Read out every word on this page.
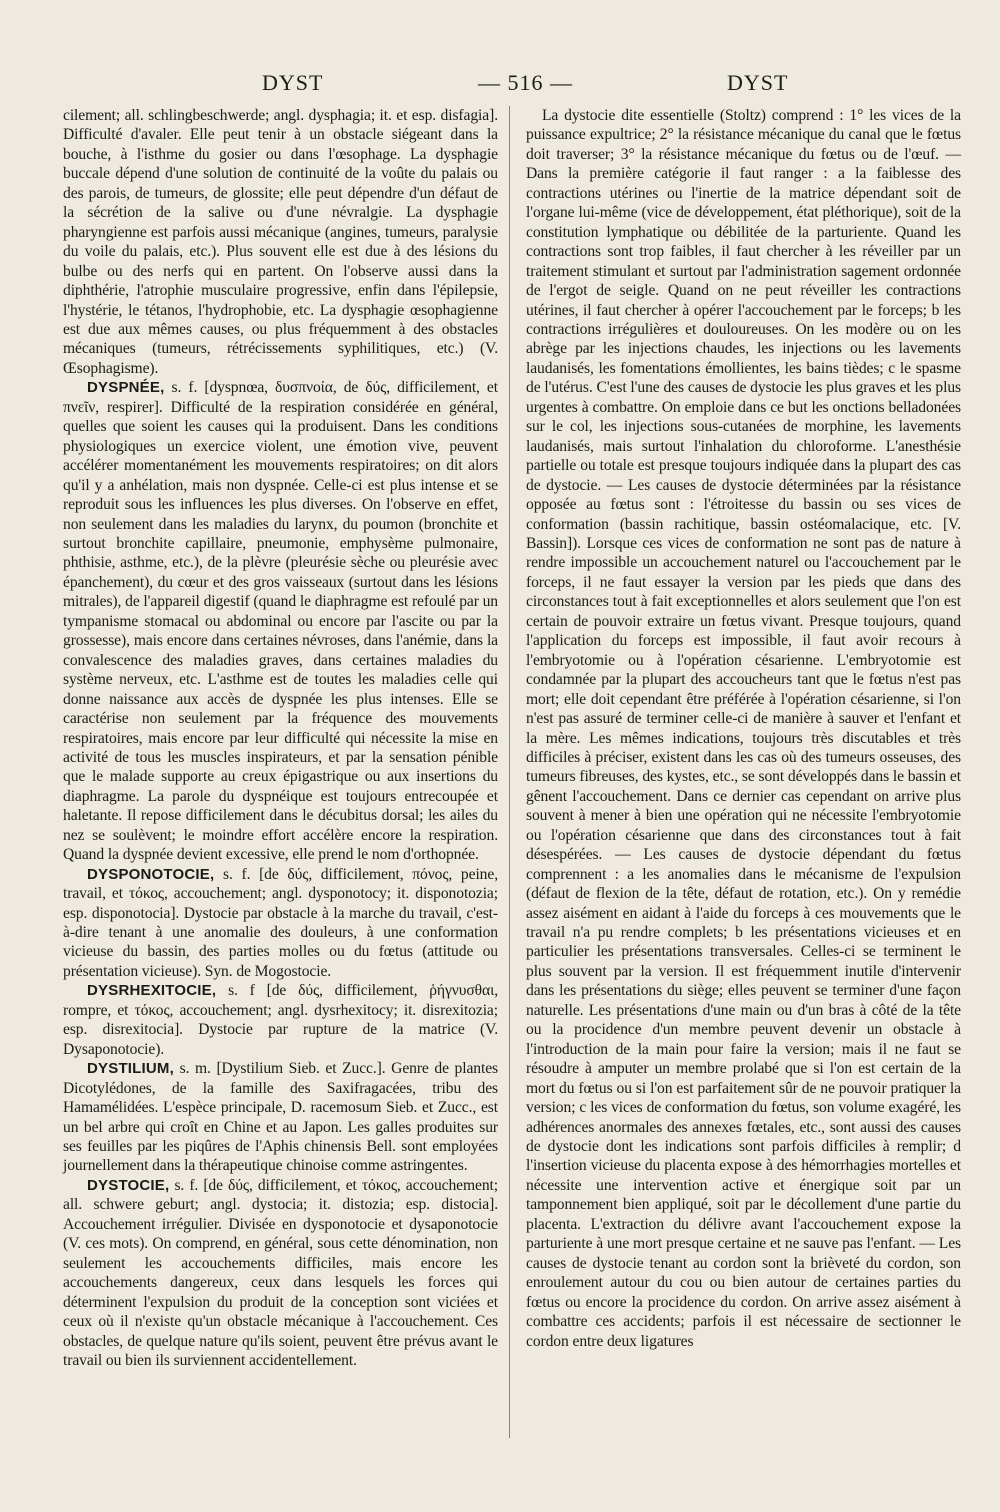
DYST	— 516 —	DYST

cilement; all. schlingbeschwerde; angl. dysphagia; it. et esp. disfagia]. Difficulté d'avaler. Elle peut tenir à un obstacle siégeant dans la bouche, à l'isthme du gosier ou dans l'œsophage. La dysphagie buccale dépend d'une solution de continuité de la voûte du palais ou des parois, de tumeurs, de glossite; elle peut dépendre d'un défaut de la sécrétion de la salive ou d'une névralgie. La dysphagie pharyngienne est parfois aussi mécanique (angines, tumeurs, paralysie du voile du palais, etc.). Plus souvent elle est due à des lésions du bulbe ou des nerfs qui en partent. On l'observe aussi dans la diphthérie, l'atrophie musculaire progressive, enfin dans l'épilepsie, l'hystérie, le tétanos, l'hydrophobie, etc. La dysphagie œsophagienne est due aux mêmes causes, ou plus fréquemment à des obstacles mécaniques (tumeurs, rétrécissements syphilitiques, etc.) (V. Œsophagisme).

DYSPNÉE, s. f. [dyspnœa, δυσπνοία, de δύς, difficilement, et πνεῖν, respirer]. Difficulté de la respiration considérée en général, quelles que soient les causes qui la produisent. Dans les conditions physiologiques un exercice violent, une émotion vive, peuvent accélérer momentanément les mouvements respiratoires; on dit alors qu'il y a anhélation, mais non dyspnée. Celle-ci est plus intense et se reproduit sous les influences les plus diverses. On l'observe en effet, non seulement dans les maladies du larynx, du poumon (bronchite et surtout bronchite capillaire, pneumonie, emphysème pulmonaire, phthisie, asthme, etc.), de la plèvre (pleurésie sèche ou pleurésie avec épanchement), du cœur et des gros vaisseaux (surtout dans les lésions mitrales), de l'appareil digestif (quand le diaphragme est refoulé par un tympanisme stomacal ou abdominal ou encore par l'ascite ou par la grossesse), mais encore dans certaines névroses, dans l'anémie, dans la convalescence des maladies graves, dans certaines maladies du système nerveux, etc. L'asthme est de toutes les maladies celle qui donne naissance aux accès de dyspnée les plus intenses. Elle se caractérise non seulement par la fréquence des mouvements respiratoires, mais encore par leur difficulté qui nécessite la mise en activité de tous les muscles inspirateurs, et par la sensation pénible que le malade supporte au creux épigastrique ou aux insertions du diaphragme. La parole du dyspnéique est toujours entrecoupée et haletante. Il repose difficilement dans le décubitus dorsal; les ailes du nez se soulèvent; le moindre effort accélère encore la respiration. Quand la dyspnée devient excessive, elle prend le nom d'orthopnée.

DYSPONOTOCIE, s. f. [de δύς, difficilement, πόνος, peine, travail, et τόκος, accouchement; angl. dysponotocy; it. disponotozia; esp. disponotocia]. Dystocie par obstacle à la marche du travail, c'est-à-dire tenant à une anomalie des douleurs, à une conformation vicieuse du bassin, des parties molles ou du fœtus (attitude ou présentation vicieuse). Syn. de Mogostocie.

DYSRHEXITOCIE, s. f [de δύς, difficilement, ῥήγνυσθαι, rompre, et τόκος, accouchement; angl. dysrhexitocy; it. disrexitozia; esp. disrexitocia]. Dystocie par rupture de la matrice (V. Dysaponotocie).

DYSTILIUM, s. m. [Dystilium Sieb. et Zucc.]. Genre de plantes Dicotylédones, de la famille des Saxifragacées, tribu des Hamamélidées. L'espèce principale, D. racemosum Sieb. et Zucc., est un bel arbre qui croît en Chine et au Japon. Les galles produites sur ses feuilles par les piqûres de l'Aphis chinensis Bell. sont employées journellement dans la thérapeutique chinoise comme astringentes.

DYSTOCIE, s. f. [de δύς, difficilement, et τόκος, accouchement; all. schwere geburt; angl. dystocia; it. distozia; esp. distocia]. Accouchement irrégulier. Divisée en dysponotocie et dysaponotocie (V. ces mots). On comprend, en général, sous cette dénomination, non seulement les accouchements difficiles, mais encore les accouchements dangereux, ceux dans lesquels les forces qui déterminent l'expulsion du produit de la conception sont viciées et ceux où il n'existe qu'un obstacle mécanique à l'accouchement. Ces obstacles, de quelque nature qu'ils soient, peuvent être prévus avant le travail ou bien ils surviennent accidentellement.

La dystocie dite essentielle (Stoltz) comprend : 1° les vices de la puissance expultrice; 2° la résistance mécanique du canal que le fœtus doit traverser; 3° la résistance mécanique du fœtus ou de l'œuf. — Dans la première catégorie il faut ranger : a la faiblesse des contractions utérines ou l'inertie de la matrice dépendant soit de l'organe lui-même (vice de développement, état pléthorique), soit de la constitution lymphatique ou débilitée de la parturiente. Quand les contractions sont trop faibles, il faut chercher à les réveiller par un traitement stimulant et surtout par l'administration sagement ordonnée de l'ergot de seigle. Quand on ne peut réveiller les contractions utérines, il faut chercher à opérer l'accouchement par le forceps; b les contractions irrégulières et douloureuses. On les modère ou on les abrège par les injections chaudes, les injections ou les lavements laudanisés, les fomentations émollientes, les bains tièdes; c le spasme de l'utérus. C'est l'une des causes de dystocie les plus graves et les plus urgentes à combattre. On emploie dans ce but les onctions belladonées sur le col, les injections sous-cutanées de morphine, les lavements laudanisés, mais surtout l'inhalation du chloroforme. L'anesthésie partielle ou totale est presque toujours indiquée dans la plupart des cas de dystocie. — Les causes de dystocie déterminées par la résistance opposée au fœtus sont : l'étroitesse du bassin ou ses vices de conformation (bassin rachitique, bassin ostéomalacique, etc. [V. Bassin]). Lorsque ces vices de conformation ne sont pas de nature à rendre impossible un accouchement naturel ou l'accouchement par le forceps, il ne faut essayer la version par les pieds que dans des circonstances tout à fait exceptionnelles et alors seulement que l'on est certain de pouvoir extraire un fœtus vivant. Presque toujours, quand l'application du forceps est impossible, il faut avoir recours à l'embryotomie ou à l'opération césarienne. L'embryotomie est condamnée par la plupart des accoucheurs tant que le fœtus n'est pas mort; elle doit cependant être préférée à l'opération césarienne, si l'on n'est pas assuré de terminer celle-ci de manière à sauver et l'enfant et la mère. Les mêmes indications, toujours très discutables et très difficiles à préciser, existent dans les cas où des tumeurs osseuses, des tumeurs fibreuses, des kystes, etc., se sont développés dans le bassin et gênent l'accouchement. Dans ce dernier cas cependant on arrive plus souvent à mener à bien une opération qui ne nécessite l'embryotomie ou l'opération césarienne que dans des circonstances tout à fait désespérées. — Les causes de dystocie dépendant du fœtus comprennent : a les anomalies dans le mécanisme de l'expulsion (défaut de flexion de la tête, défaut de rotation, etc.). On y remédie assez aisément en aidant à l'aide du forceps à ces mouvements que le travail n'a pu rendre complets; b les présentations vicieuses et en particulier les présentations transversales. Celles-ci se terminent le plus souvent par la version. Il est fréquemment inutile d'intervenir dans les présentations du siège; elles peuvent se terminer d'une façon naturelle. Les présentations d'une main ou d'un bras à côté de la tête ou la procidence d'un membre peuvent devenir un obstacle à l'introduction de la main pour faire la version; mais il ne faut se résoudre à amputer un membre prolabé que si l'on est certain de la mort du fœtus ou si l'on est parfaitement sûr de ne pouvoir pratiquer la version; c les vices de conformation du fœtus, son volume exagéré, les adhérences anormales des annexes fœtales, etc., sont aussi des causes de dystocie dont les indications sont parfois difficiles à remplir; d l'insertion vicieuse du placenta expose à des hémorrhagies mortelles et nécessite une intervention active et énergique soit par un tamponnement bien appliqué, soit par le décollement d'une partie du placenta. L'extraction du délivre avant l'accouchement expose la parturiente à une mort presque certaine et ne sauve pas l'enfant. — Les causes de dystocie tenant au cordon sont la brièveté du cordon, son enroulement autour du cou ou bien autour de certaines parties du fœtus ou encore la procidence du cordon. On arrive assez aisément à combattre ces accidents; parfois il est nécessaire de sectionner le cordon entre deux ligatures
